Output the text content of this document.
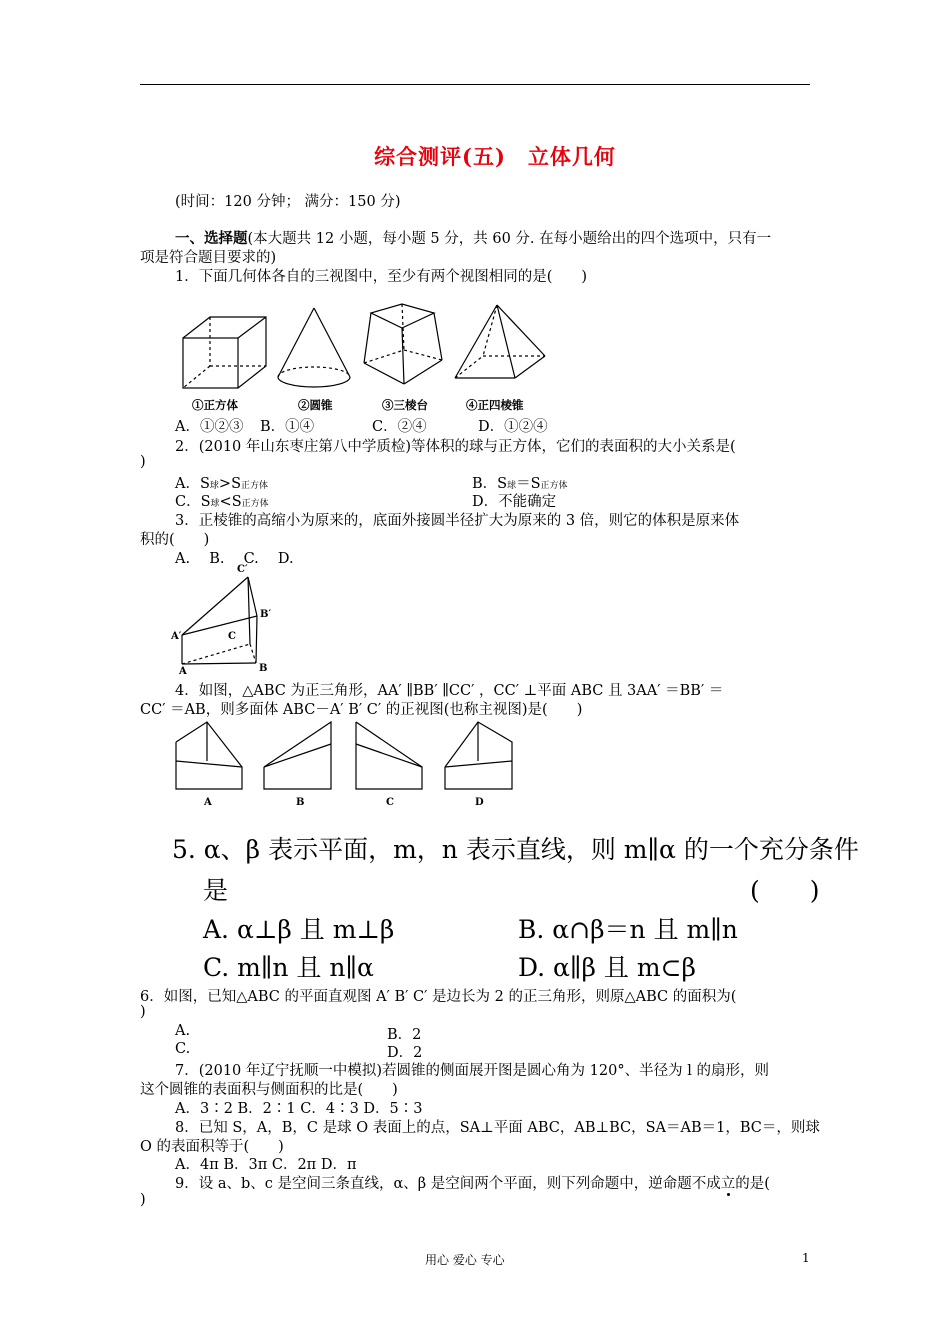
综合测评(五)　立体几何
(时间：120 分钟； 满分：150 分)
一、选择题(本大题共 12 小题，每小题 5 分，共 60 分. 在每小题给出的四个选项中，只有一
项是符合题目要求的)
1．下面几何体各自的三视图中，至少有两个视图相同的是(　　)
①正方体	②圆锥	③三棱台	④正四棱锥
A．①②③ B．①④	C．②④	D．①②④
2．(2010 年山东枣庄第八中学质检)等体积的球与正方体，它们的表面积的大小关系是(
)
A．S球>S正方体	B．S球＝S正方体
C．S球<S正方体	D．不能确定
3．正棱锥的高缩小为原来的，底面外接圆半径扩大为原来的 3 倍，则它的体积是原来体
积的(　　)
A.　 B.　 C.　 D.
C′
B′
A′	C
A	B
4．如图，△ABC 为正三角形，AA′ ∥BB′ ∥CC′ ，CC′ ⊥平面 ABC 且 3AA′ ＝BB′ ＝
CC′ ＝AB，则多面体 ABC－A′ B′ C′ 的正视图(也称主视图)是(　　)
A	B	C	D
5. α、β 表示平面，m，n 表示直线，则 m∥α 的一个充分条件
是	(　　)
A. α⊥β 且 m⊥β	B. α∩β＝n 且 m∥n
C. m∥n 且 n∥α	D. α∥β 且 m⊂β
6．如图，已知△ABC 的平面直观图 A′ B′ C′ 是边长为 2 的正三角形，则原△ABC 的面积为(
)
A.	B．2
C.	D．2
7．(2010 年辽宁抚顺一中模拟)若圆锥的侧面展开图是圆心角为 120°、半径为 l 的扇形，则
这个圆锥的表面积与侧面积的比是(　　)
A．3∶2 B．2∶1 C．4∶3 D．5∶3
8．已知 S，A，B，C 是球 O 表面上的点，SA⊥平面 ABC，AB⊥BC，SA＝AB＝1，BC＝，则球
O 的表面积等于(　　)
A．4π B．3π C．2π D．π
9．设 a、b、c 是空间三条直线，α、β 是空间两个平面，则下列命题中，逆命题不成立的是(
)
用心 爱心 专心	1
